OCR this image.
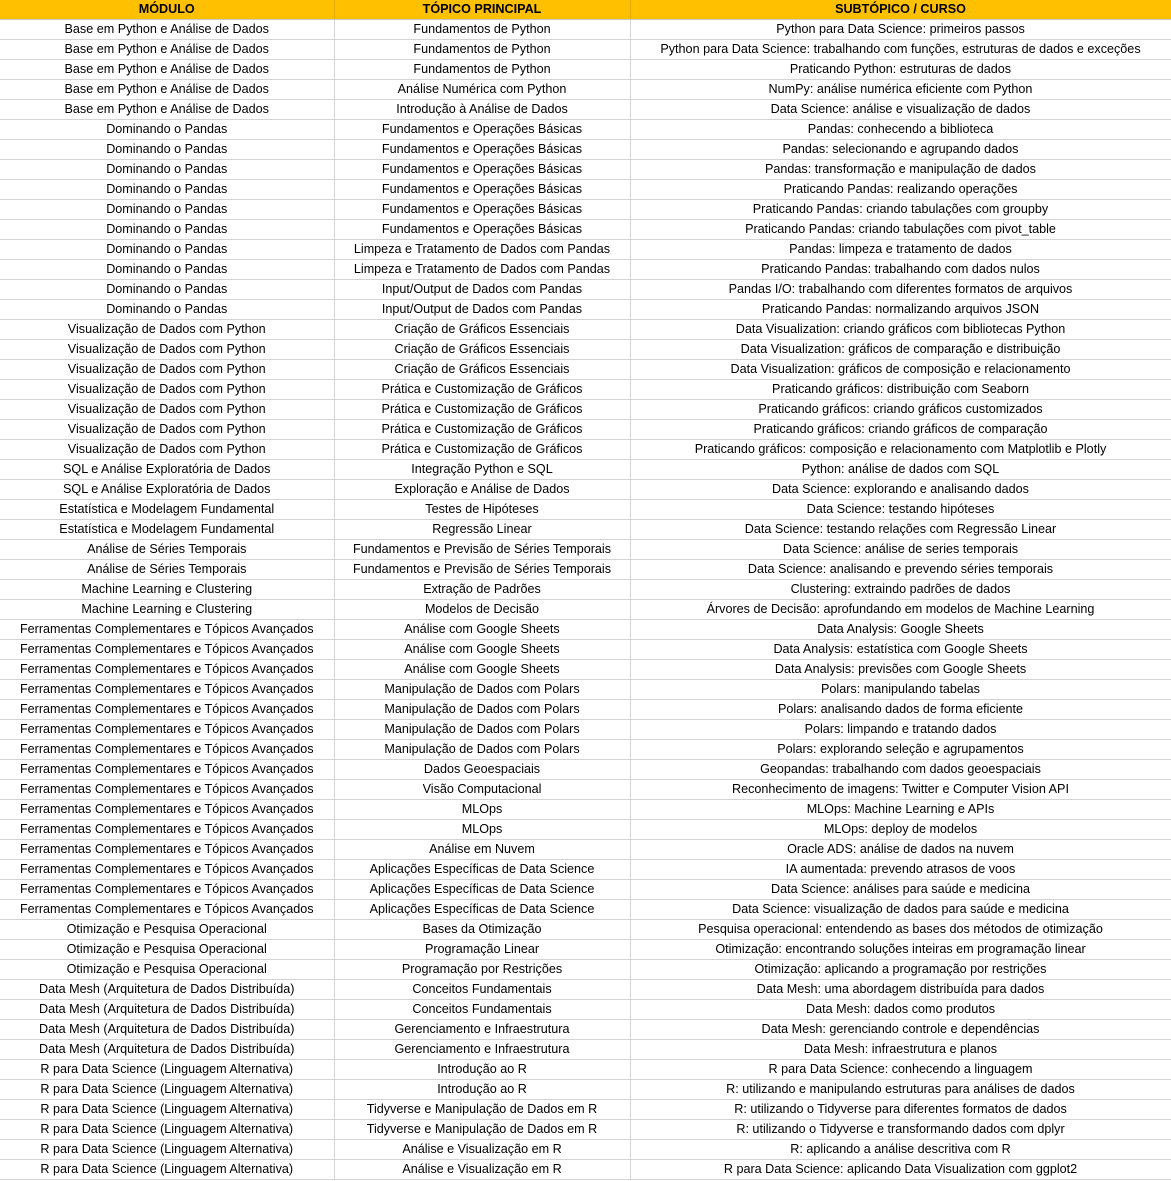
MÓDULO	TÓPICO PRINCIPAL	SUBTÓPICO / CURSO
Base em Python e Análise de Dados	Fundamentos de Python	Python para Data Science: primeiros passos
Base em Python e Análise de Dados	Fundamentos de Python	Python para Data Science: trabalhando com funções, estruturas de dados e exceções
Base em Python e Análise de Dados	Fundamentos de Python	Praticando Python: estruturas de dados
Base em Python e Análise de Dados	Análise Numérica com Python	NumPy: análise numérica eficiente com Python
Base em Python e Análise de Dados	Introdução à Análise de Dados	Data Science: análise e visualização de dados
Dominando o Pandas	Fundamentos e Operações Básicas	Pandas: conhecendo a biblioteca
Dominando o Pandas	Fundamentos e Operações Básicas	Pandas: selecionando e agrupando dados
Dominando o Pandas	Fundamentos e Operações Básicas	Pandas: transformação e manipulação de dados
Dominando o Pandas	Fundamentos e Operações Básicas	Praticando Pandas: realizando operações
Dominando o Pandas	Fundamentos e Operações Básicas	Praticando Pandas: criando tabulações com groupby
Dominando o Pandas	Fundamentos e Operações Básicas	Praticando Pandas: criando tabulações com pivot_table
Dominando o Pandas	Limpeza e Tratamento de Dados com Pandas	Pandas: limpeza e tratamento de dados
Dominando o Pandas	Limpeza e Tratamento de Dados com Pandas	Praticando Pandas: trabalhando com dados nulos
Dominando o Pandas	Input/Output de Dados com Pandas	Pandas I/O: trabalhando com diferentes formatos de arquivos
Dominando o Pandas	Input/Output de Dados com Pandas	Praticando Pandas: normalizando arquivos JSON
Visualização de Dados com Python	Criação de Gráficos Essenciais	Data Visualization: criando gráficos com bibliotecas Python
Visualização de Dados com Python	Criação de Gráficos Essenciais	Data Visualization: gráficos de comparação e distribuição
Visualização de Dados com Python	Criação de Gráficos Essenciais	Data Visualization: gráficos de composição e relacionamento
Visualização de Dados com Python	Prática e Customização de Gráficos	Praticando gráficos: distribuição com Seaborn
Visualização de Dados com Python	Prática e Customização de Gráficos	Praticando gráficos: criando gráficos customizados
Visualização de Dados com Python	Prática e Customização de Gráficos	Praticando gráficos: criando gráficos de comparação
Visualização de Dados com Python	Prática e Customização de Gráficos	Praticando gráficos: composição e relacionamento com Matplotlib e Plotly
SQL e Análise Exploratória de Dados	Integração Python e SQL	Python: análise de dados com SQL
SQL e Análise Exploratória de Dados	Exploração e Análise de Dados	Data Science: explorando e analisando dados
Estatística e Modelagem Fundamental	Testes de Hipóteses	Data Science: testando hipóteses
Estatística e Modelagem Fundamental	Regressão Linear	Data Science: testando relações com Regressão Linear
Análise de Séries Temporais	Fundamentos e Previsão de Séries Temporais	Data Science: análise de series temporais
Análise de Séries Temporais	Fundamentos e Previsão de Séries Temporais	Data Science: analisando e prevendo séries temporais
Machine Learning e Clustering	Extração de Padrões	Clustering: extraindo padrões de dados
Machine Learning e Clustering	Modelos de Decisão	Árvores de Decisão: aprofundando em modelos de Machine Learning
Ferramentas Complementares e Tópicos Avançados	Análise com Google Sheets	Data Analysis: Google Sheets
Ferramentas Complementares e Tópicos Avançados	Análise com Google Sheets	Data Analysis: estatística com Google Sheets
Ferramentas Complementares e Tópicos Avançados	Análise com Google Sheets	Data Analysis: previsões com Google Sheets
Ferramentas Complementares e Tópicos Avançados	Manipulação de Dados com Polars	Polars: manipulando tabelas
Ferramentas Complementares e Tópicos Avançados	Manipulação de Dados com Polars	Polars: analisando dados de forma eficiente
Ferramentas Complementares e Tópicos Avançados	Manipulação de Dados com Polars	Polars: limpando e tratando dados
Ferramentas Complementares e Tópicos Avançados	Manipulação de Dados com Polars	Polars: explorando seleção e agrupamentos
Ferramentas Complementares e Tópicos Avançados	Dados Geoespaciais	Geopandas: trabalhando com dados geoespaciais
Ferramentas Complementares e Tópicos Avançados	Visão Computacional	Reconhecimento de imagens: Twitter e Computer Vision API
Ferramentas Complementares e Tópicos Avançados	MLOps	MLOps: Machine Learning e APIs
Ferramentas Complementares e Tópicos Avançados	MLOps	MLOps: deploy de modelos
Ferramentas Complementares e Tópicos Avançados	Análise em Nuvem	Oracle ADS: análise de dados na nuvem
Ferramentas Complementares e Tópicos Avançados	Aplicações Específicas de Data Science	IA aumentada: prevendo atrasos de voos
Ferramentas Complementares e Tópicos Avançados	Aplicações Específicas de Data Science	Data Science: análises para saúde e medicina
Ferramentas Complementares e Tópicos Avançados	Aplicações Específicas de Data Science	Data Science: visualização de dados para saúde e medicina
Otimização e Pesquisa Operacional	Bases da Otimização	Pesquisa operacional: entendendo as bases dos métodos de otimização
Otimização e Pesquisa Operacional	Programação Linear	Otimização: encontrando soluções inteiras em programação linear
Otimização e Pesquisa Operacional	Programação por Restrições	Otimização: aplicando a programação por restrições
Data Mesh (Arquitetura de Dados Distribuída)	Conceitos Fundamentais	Data Mesh: uma abordagem distribuída para dados
Data Mesh (Arquitetura de Dados Distribuída)	Conceitos Fundamentais	Data Mesh: dados como produtos
Data Mesh (Arquitetura de Dados Distribuída)	Gerenciamento e Infraestrutura	Data Mesh: gerenciando controle e dependências
Data Mesh (Arquitetura de Dados Distribuída)	Gerenciamento e Infraestrutura	Data Mesh: infraestrutura e planos
R para Data Science (Linguagem Alternativa)	Introdução ao R	R para Data Science: conhecendo a linguagem
R para Data Science (Linguagem Alternativa)	Introdução ao R	R: utilizando e manipulando estruturas para análises de dados
R para Data Science (Linguagem Alternativa)	Tidyverse e Manipulação de Dados em R	R: utilizando o Tidyverse para diferentes formatos de dados
R para Data Science (Linguagem Alternativa)	Tidyverse e Manipulação de Dados em R	R: utilizando o Tidyverse e transformando dados com dplyr
R para Data Science (Linguagem Alternativa)	Análise e Visualização em R	R: aplicando a análise descritiva com R
R para Data Science (Linguagem Alternativa)	Análise e Visualização em R	R para Data Science: aplicando Data Visualization com ggplot2
